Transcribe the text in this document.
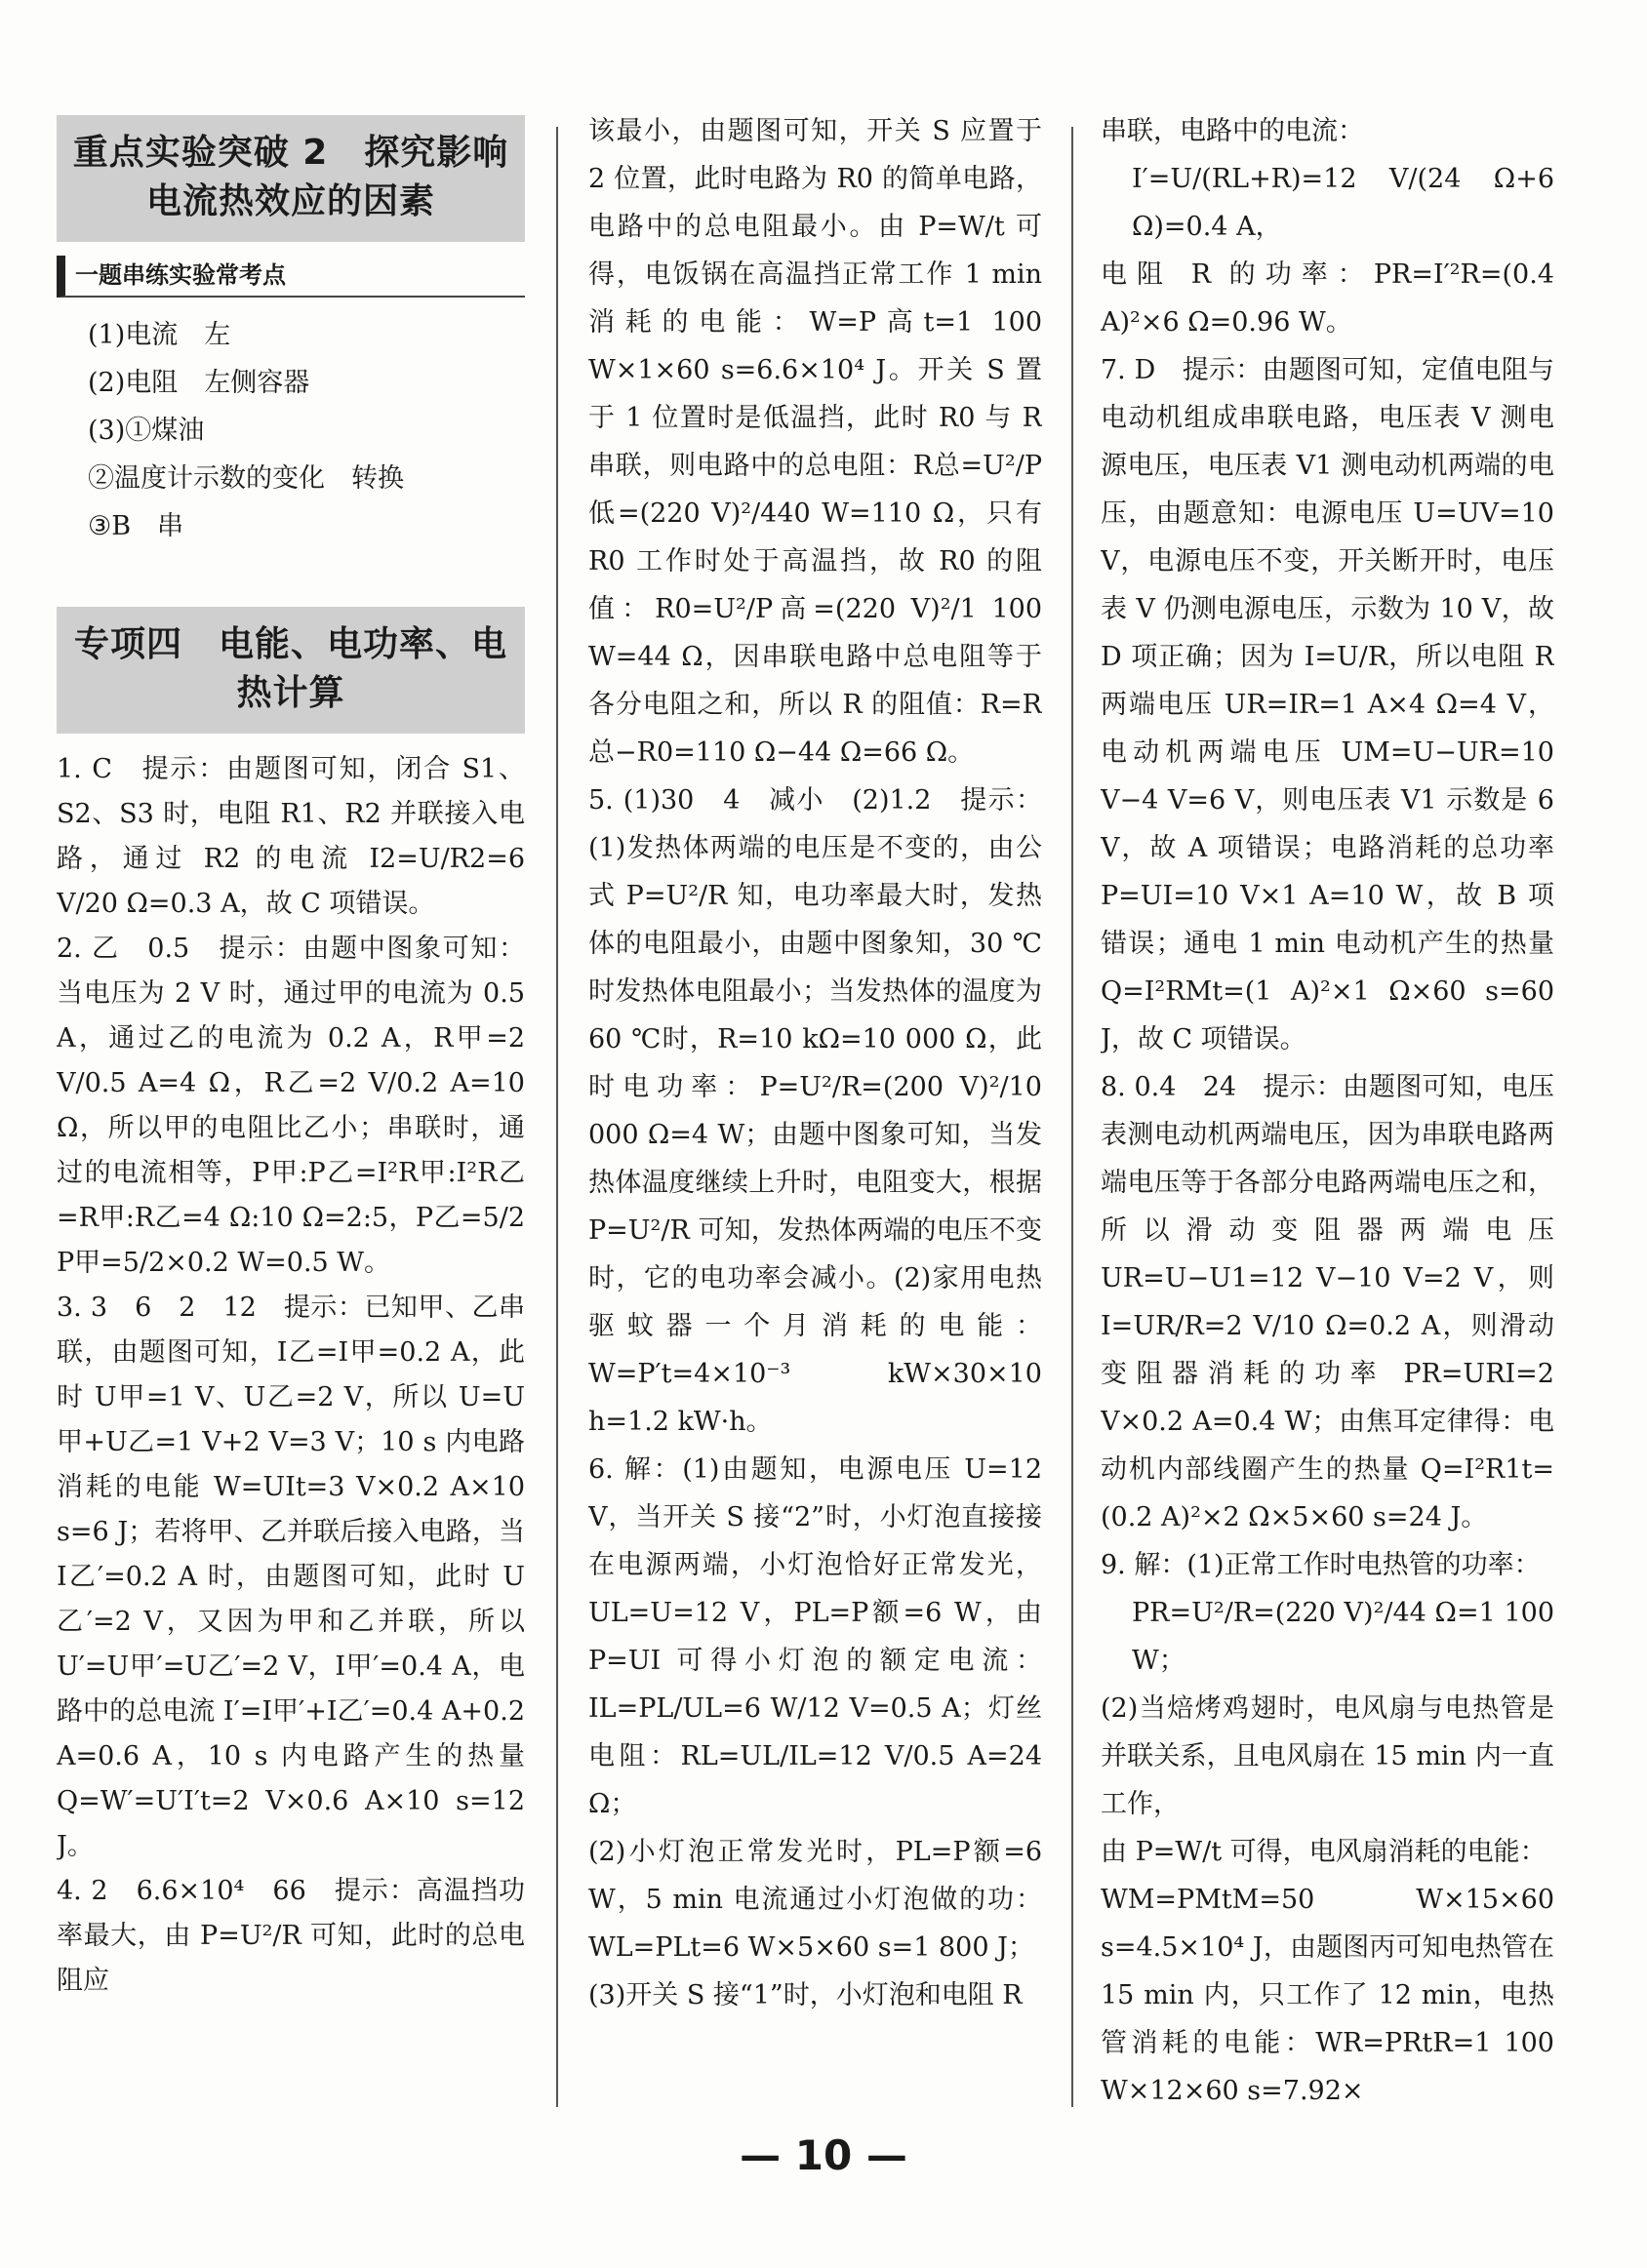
重点实验突破 2　探究影响电流热效应的因素
一题串练实验常考点

(1)电流　左

(2)电阻　左侧容器

(3)①煤油

②温度计示数的变化　转换

③B　串

专项四　电能、电功率、电热计算

1. C　提示：由题图可知，闭合 S1、S2、S3 时，电阻 R1、R2 并联接入电路，通过 R2 的电流 I2=U/R2=6 V/20 Ω=0.3 A，故 C 项错误。

2. 乙　0.5　提示：由题中图象可知：当电压为 2 V 时，通过甲的电流为 0.5 A，通过乙的电流为 0.2 A，R甲=2 V/0.5 A=4 Ω，R乙=2 V/0.2 A=10 Ω，所以甲的电阻比乙小；串联时，通过的电流相等，P甲:P乙=I²R甲:I²R乙=R甲:R乙=4 Ω:10 Ω=2:5，P乙=5/2 P甲=5/2×0.2 W=0.5 W。

3. 3　6　2　12　提示：已知甲、乙串联，由题图可知，I乙=I甲=0.2 A，此时 U甲=1 V、U乙=2 V，所以 U=U甲+U乙=1 V+2 V=3 V；10 s 内电路消耗的电能 W=UIt=3 V×0.2 A×10 s=6 J；若将甲、乙并联后接入电路，当 I乙′=0.2 A 时，由题图可知，此时 U乙′=2 V，又因为甲和乙并联，所以 U′=U甲′=U乙′=2 V，I甲′=0.4 A，电路中的总电流 I′=I甲′+I乙′=0.4 A+0.2 A=0.6 A，10 s 内电路产生的热量 Q=W′=U′I′t=2 V×0.6 A×10 s=12 J。

4. 2　6.6×10⁴　66　提示：高温挡功率最大，由 P=U²/R 可知，此时的总电阻应

该最小，由题图可知，开关 S 应置于 2 位置，此时电路为 R0 的简单电路，电路中的总电阻最小。由 P=W/t 可得，电饭锅在高温挡正常工作 1 min 消耗的电能：W=P高t=1 100 W×1×60 s=6.6×10⁴ J。开关 S 置于 1 位置时是低温挡，此时 R0 与 R 串联，则电路中的总电阻：R总=U²/P低=(220 V)²/440 W=110 Ω，只有 R0 工作时处于高温挡，故 R0 的阻值：R0=U²/P高=(220 V)²/1 100 W=44 Ω，因串联电路中总电阻等于各分电阻之和，所以 R 的阻值：R=R总−R0=110 Ω−44 Ω=66 Ω。

5. (1)30　4　减小　(2)1.2　提示：(1)发热体两端的电压是不变的，由公式 P=U²/R 知，电功率最大时，发热体的电阻最小，由题中图象知，30 ℃时发热体电阻最小；当发热体的温度为 60 ℃时，R=10 kΩ=10 000 Ω，此时电功率：P=U²/R=(200 V)²/10 000 Ω=4 W；由题中图象可知，当发热体温度继续上升时，电阻变大，根据 P=U²/R 可知，发热体两端的电压不变时，它的电功率会减小。(2)家用电热驱蚊器一个月消耗的电能：W=P′t=4×10⁻³ kW×30×10 h=1.2 kW·h。

6. 解：(1)由题知，电源电压 U=12 V，当开关 S 接“2”时，小灯泡直接接在电源两端，小灯泡恰好正常发光，UL=U=12 V，PL=P额=6 W，由 P=UI 可得小灯泡的额定电流：IL=PL/UL=6 W/12 V=0.5 A；灯丝电阻：RL=UL/IL=12 V/0.5 A=24 Ω；

(2)小灯泡正常发光时，PL=P额=6 W，5 min 电流通过小灯泡做的功：WL=PLt=6 W×5×60 s=1 800 J；

(3)开关 S 接“1”时，小灯泡和电阻 R

串联，电路中的电流：

I′=U/(RL+R)=12 V/(24 Ω+6 Ω)=0.4 A，

电阻 R 的功率：PR=I′²R=(0.4 A)²×6 Ω=0.96 W。

7. D　提示：由题图可知，定值电阻与电动机组成串联电路，电压表 V 测电源电压，电压表 V1 测电动机两端的电压，由题意知：电源电压 U=UV=10 V，电源电压不变，开关断开时，电压表 V 仍测电源电压，示数为 10 V，故 D 项正确；因为 I=U/R，所以电阻 R 两端电压 UR=IR=1 A×4 Ω=4 V，电动机两端电压 UM=U−UR=10 V−4 V=6 V，则电压表 V1 示数是 6 V，故 A 项错误；电路消耗的总功率 P=UI=10 V×1 A=10 W，故 B 项错误；通电 1 min 电动机产生的热量 Q=I²RMt=(1 A)²×1 Ω×60 s=60 J，故 C 项错误。

8. 0.4　24　提示：由题图可知，电压表测电动机两端电压，因为串联电路两端电压等于各部分电路两端电压之和，所以滑动变阻器两端电压 UR=U−U1=12 V−10 V=2 V，则 I=UR/R=2 V/10 Ω=0.2 A，则滑动变阻器消耗的功率 PR=URI=2 V×0.2 A=0.4 W；由焦耳定律得：电动机内部线圈产生的热量 Q=I²R1t=(0.2 A)²×2 Ω×5×60 s=24 J。

9. 解：(1)正常工作时电热管的功率：

PR=U²/R=(220 V)²/44 Ω=1 100 W；

(2)当焙烤鸡翅时，电风扇与电热管是并联关系，且电风扇在 15 min 内一直工作，

由 P=W/t 可得，电风扇消耗的电能：

WM=PMtM=50 W×15×60 s=4.5×10⁴ J，由题图丙可知电热管在 15 min 内，只工作了 12 min，电热管消耗的电能：WR=PRtR=1 100 W×12×60 s=7.92×

— 10 —
